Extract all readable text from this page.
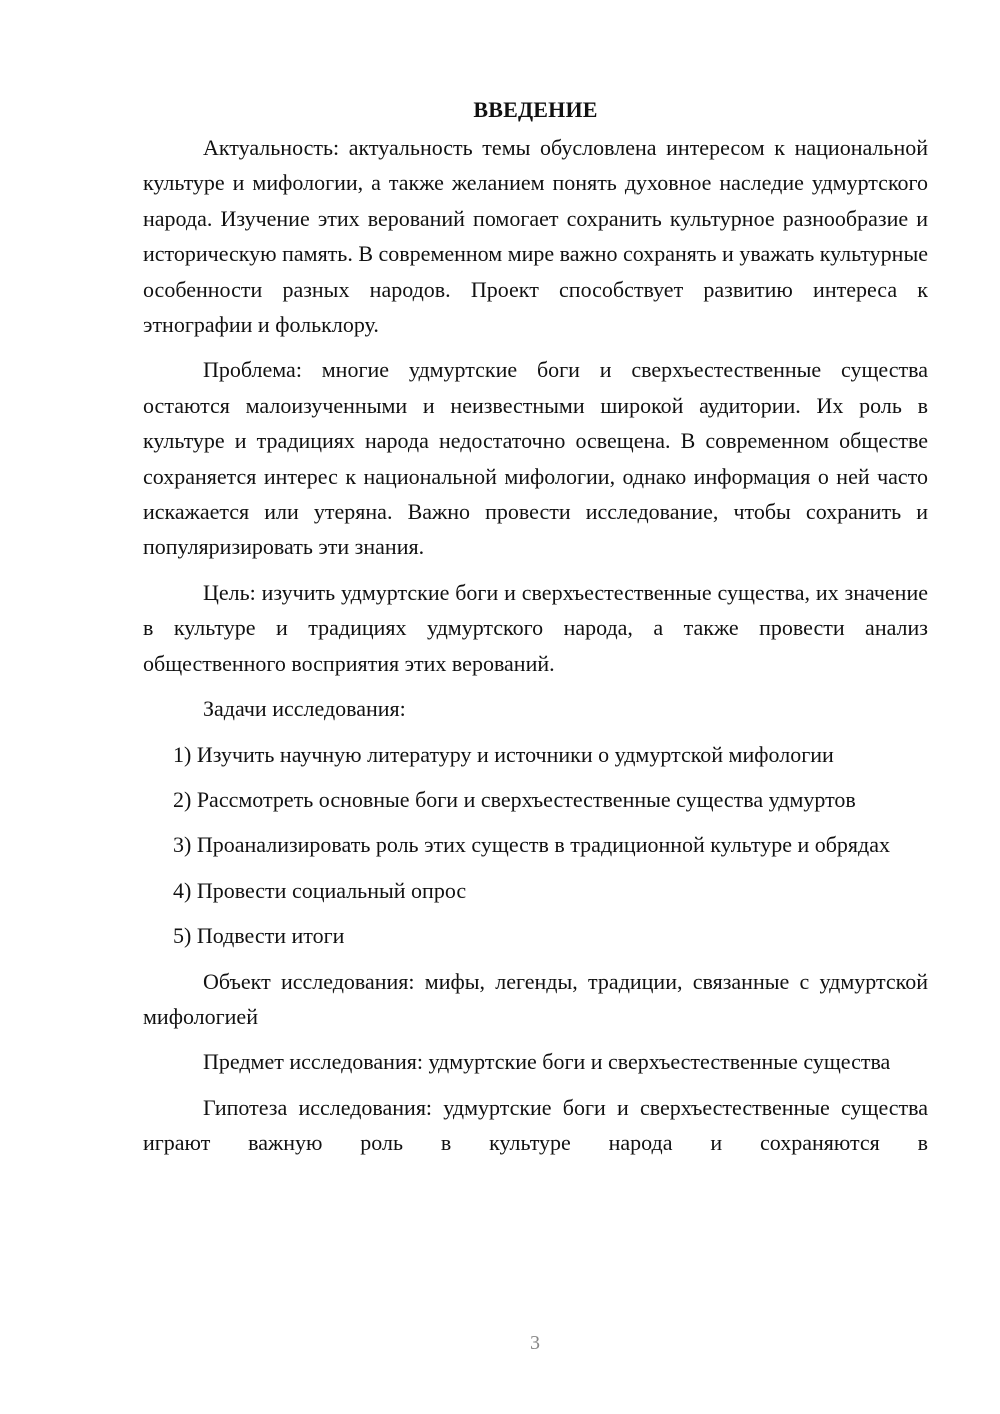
ВВЕДЕНИЕ

Актуальность: актуальность темы обусловлена интересом к национальной культуре и мифологии, а также желанием понять духовное наследие удмуртского народа. Изучение этих верований помогает сохранить культурное разнообразие и историческую память. В современном мире важно сохранять и уважать культурные особенности разных народов. Проект способствует развитию интереса к этнографии и фольклору.

Проблема: многие удмуртские боги и сверхъестественные существа остаются малоизученными и неизвестными широкой аудитории. Их роль в культуре и традициях народа недостаточно освещена. В современном обществе сохраняется интерес к национальной мифологии, однако информация о ней часто искажается или утеряна. Важно провести исследование, чтобы сохранить и популяризировать эти знания.

Цель: изучить удмуртские боги и сверхъестественные существа, их значение в культуре и традициях удмуртского народа, а также провести анализ общественного восприятия этих верований.

Задачи исследования:

1) Изучить научную литературу и источники о удмуртской мифологии

2) Рассмотреть основные боги и сверхъестественные существа удмуртов

3) Проанализировать роль этих существ в традиционной культуре и обрядах

4) Провести социальный опрос

5) Подвести итоги

Объект исследования: мифы, легенды, традиции, связанные с удмуртской мифологией

Предмет исследования: удмуртские боги и сверхъестественные существа

Гипотеза исследования: удмуртские боги и сверхъестественные существа играют важную роль в культуре народа и сохраняются в

3
